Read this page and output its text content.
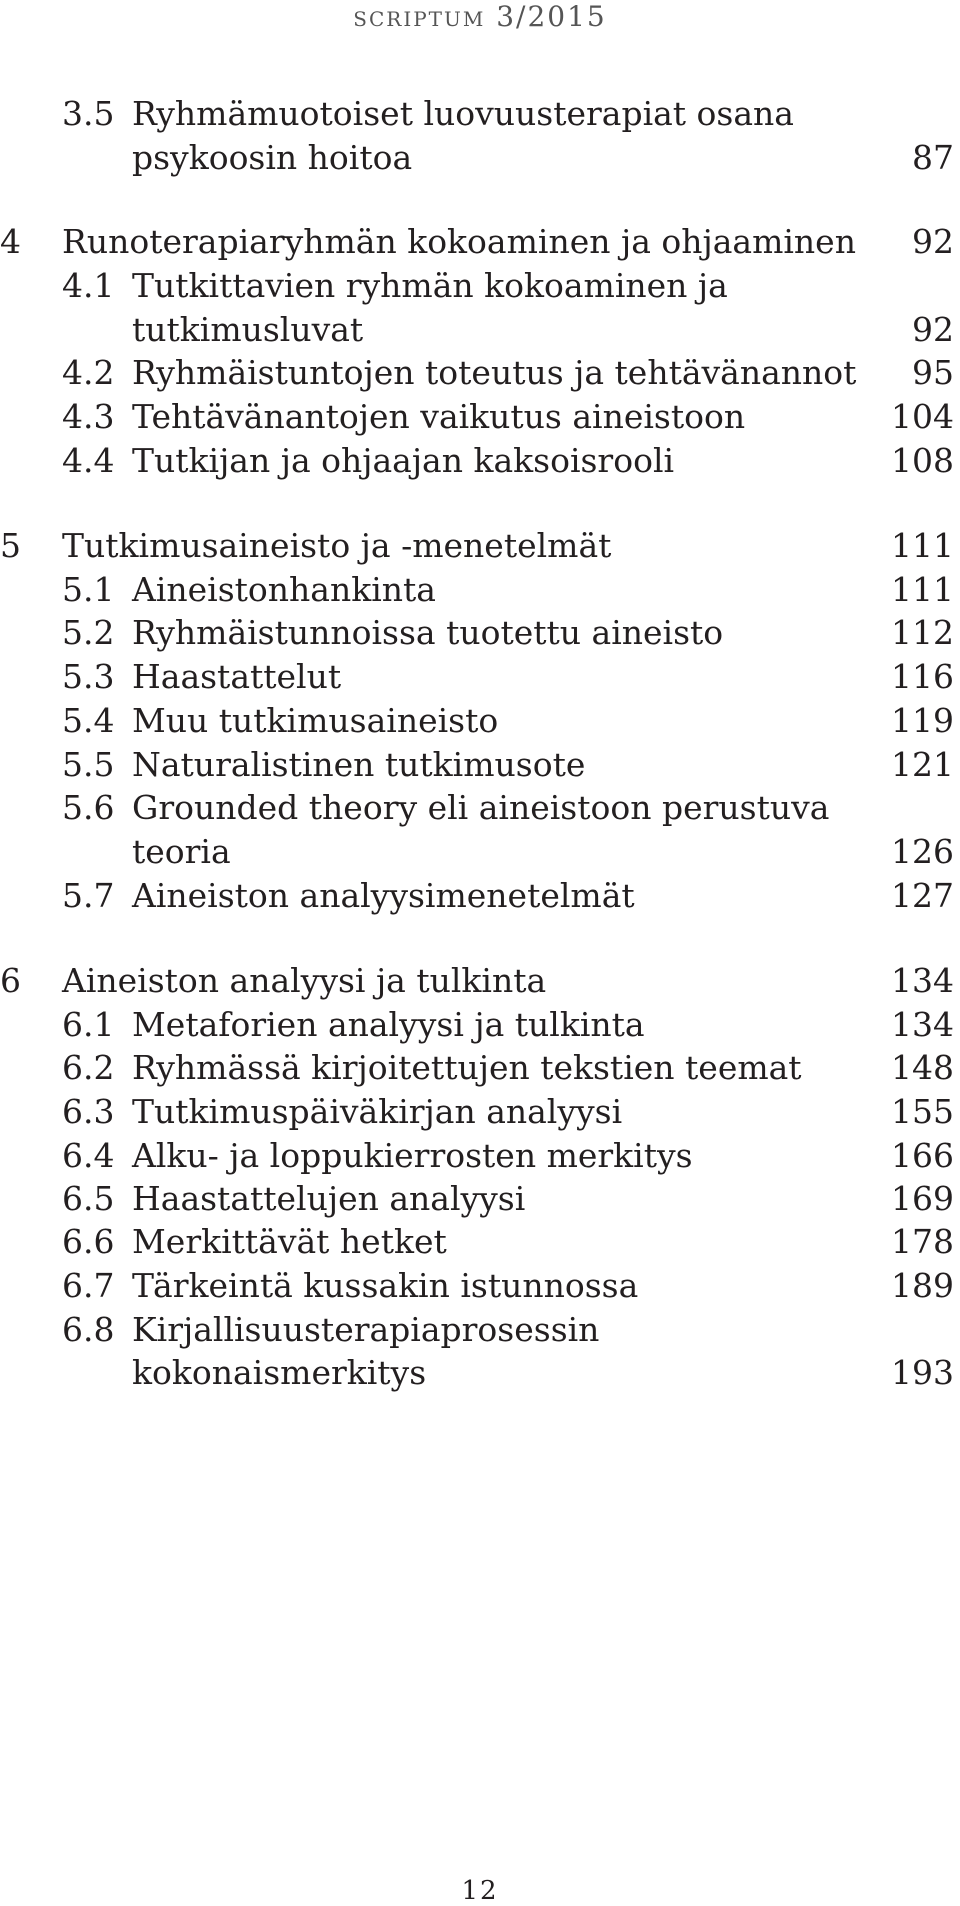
scriptum 3/2015
3.5 Ryhmämuotoiset luovuusterapiat osana
psykoosin hoitoa	87
4 Runoterapiaryhmän kokoaminen ja ohjaaminen 92
4.1 Tutkittavien ryhmän kokoaminen ja
tutkimusluvat	92
4.2 Ryhmäistuntojen toteutus ja tehtävänannot 95
4.3 Tehtävänantojen vaikutus aineistoon	104
4.4 Tutkijan ja ohjaajan kaksoisrooli	108
5 Tutkimusaineisto ja -menetelmät	111
5.1 Aineistonhankinta	111
5.2 Ryhmäistunnoissa tuotettu aineisto	112
5.3 Haastattelut	116
5.4 Muu tutkimusaineisto	119
5.5 Naturalistinen tutkimusote	121
5.6 Grounded theory eli aineistoon perustuva
teoria	126
5.7 Aineiston analyysimenetelmät	127
6 Aineiston analyysi ja tulkinta	134
6.1 Metaforien analyysi ja tulkinta	134
6.2 Ryhmässä kirjoitettujen tekstien teemat	148
6.3 Tutkimuspäiväkirjan analyysi	155
6.4 Alku- ja loppukierrosten merkitys	166
6.5 Haastattelujen analyysi	169
6.6 Merkittävät hetket	178
6.7 Tärkeintä kussakin istunnossa	189
6.8 Kirjallisuusterapiaprosessin
kokonaismerkitys	193
12
